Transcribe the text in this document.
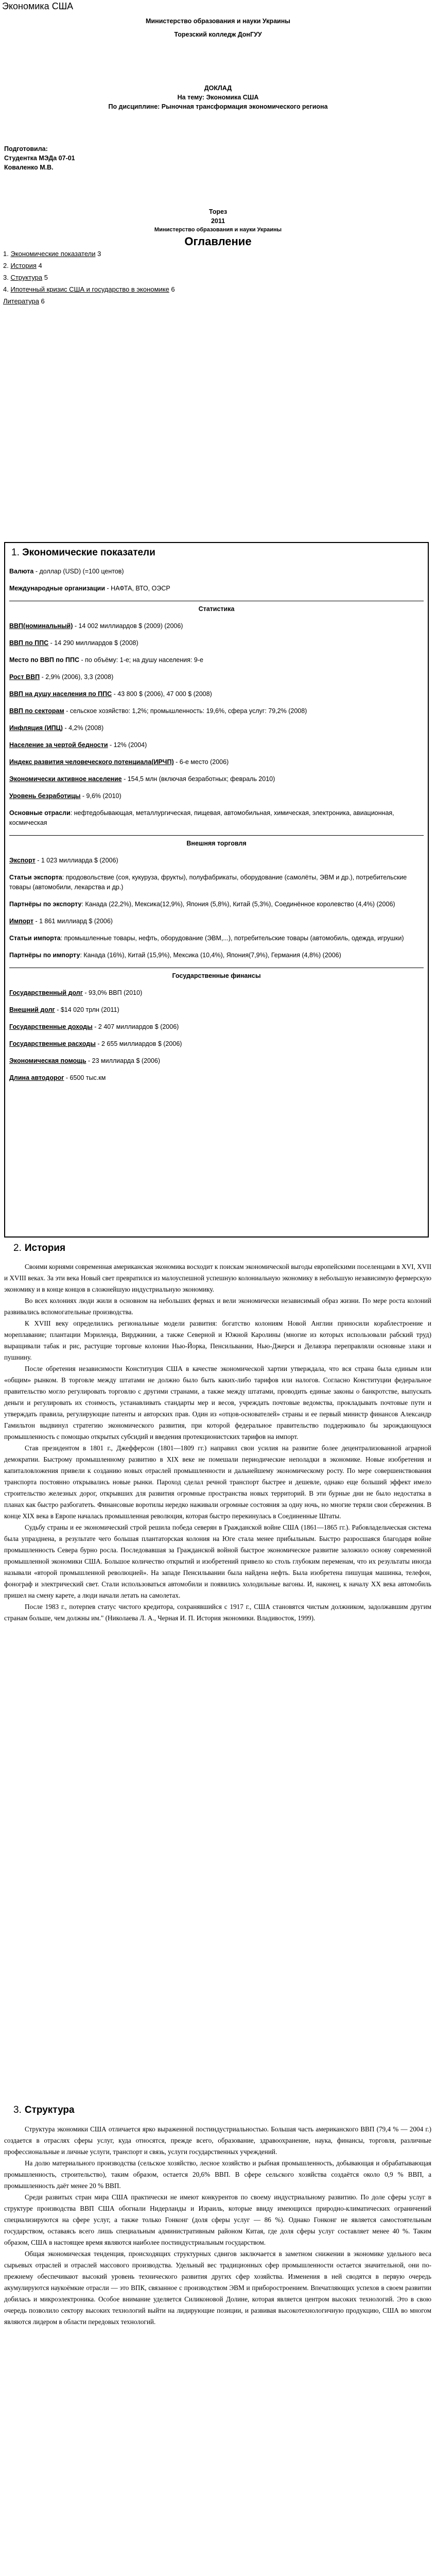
Экономика США
Министерство образования и науки Украины
Торезский колледж ДонГУУ
ДОКЛАД
На тему: Экономика США
По дисциплине: Рыночная трансформация экономического региона
Подготовила:
Студентка МЭДа 07-01
Коваленко М.В.
Торез
2011
Министерство образования и науки Украины
Оглавление
1. Экономические показатели 3
2. История 4
3. Структура 5
4. Ипотечный кризис США и государство в экономике 6
Литература 6
1. Экономические показатели
Валюта - доллар (USD) (=100 центов)
Международные организации - НАФТА, ВТО, ОЭСР
Статистика
ВВП(номинальный) - 14 002 миллиардов $ (2009) (2006)
ВВП по ППС - 14 290 миллиардов $ (2008)
Место по ВВП по ППС - по объёму: 1-е; на душу населения: 9-е
Рост ВВП - 2,9% (2006), 3,3 (2008)
ВВП на душу населения по ППС - 43 800 $ (2006), 47 000 $ (2008)
ВВП по секторам - сельское хозяйство: 1,2%; промышленность: 19,6%, сфера услуг: 79,2% (2008)
Инфляция (ИПЦ) - 4,2% (2008)
Население за чертой бедности - 12% (2004)
Индекс развития человеческого потенциала(ИРЧП) - 6-е место (2006)
Экономически активное население - 154,5 млн (включая безработных; февраль 2010)
Уровень безработицы - 9,6% (2010)
Основные отрасли: нефтедобывающая, металлургическая, пищевая, автомобильная, химическая, электроника, авиационная, космическая
Внешняя торговля
Экспорт - 1 023 миллиарда $ (2006)
Статьи экспорта: продовольствие (соя, кукуруза, фрукты), полуфабрикаты, оборудование (самолёты, ЭВМ и др.), потребительские товары (автомобили, лекарства и др.)
Партнёры по экспорту: Канада (22,2%), Мексика(12,9%), Япония (5,8%), Китай (5,3%), Соединённое королевство (4,4%) (2006)
Импорт - 1 861 миллиард $ (2006)
Статьи импорта: промышленные товары, нефть, оборудование (ЭВМ,...), потребительские товары (автомобиль, одежда, игрушки)
Партнёры по импорту: Канада (16%), Китай (15,9%), Мексика (10,4%), Япония(7,9%), Германия (4,8%) (2006)
Государственные финансы
Государственный долг - 93,0% ВВП (2010)
Внешний долг - $14 020 трлн (2011)
Государственные доходы - 2 407 миллиардов $ (2006)
Государственные расходы - 2 655 миллиардов $ (2006)
Экономическая помощь - 23 миллиарда $ (2006)
Длина автодорог - 6500 тыс.км
2. История

Своими корнями современная американская экономика восходит к поискам экономической выгоды европейскими поселенцами в XVI, XVII и XVIII веках. За эти века Новый свет превратился из малоуспешной успешную колониальную экономику в небольшую независимую фермерскую экономику и в конце концов в сложнейшую индустриальную экономику.

Во всех колониях люди жили в основном на небольших фермах и вели экономически независимый образ жизни. По мере роста колоний развивались вспомогательные производства.

К XVIII веку определились региональные модели развития: богатство колониям Новой Англии приносили кораблестроение и мореплавание; плантации Мэриленда, Вирджинии, а также Северной и Южной Каролины (многие из которых использовали рабский труд) выращивали табак и рис, растущие торговые колонии Нью-Йорка, Пенсильвании, Нью-Джерси и Делавэра переправляли основные злаки и пушнину.

После обретения независимости Конституция США в качестве экономической хартии утверждала, что вся страна была единым или «общим» рынком. В торговле между штатами не должно было быть каких-либо тарифов или налогов. Согласно Конституции федеральное правительство могло регулировать торговлю с другими странами, а также между штатами, проводить единые законы о банкротстве, выпускать деньги и регулировать их стоимость, устанавливать стандарты мер и весов, учреждать почтовые ведомства, прокладывать почтовые пути и утверждать правила, регулирующие патенты и авторских прав. Один из «отцов-основателей» страны и ее первый министр финансов Александр Гамильтон выдвинул стратегию экономического развития, при которой федеральное правительство поддерживало бы зарождающуюся промышленность с помощью открытых субсидий и введения протекционистских тарифов на импорт.

Став президентом в 1801 г., Джефферсон (1801—1809 гг.) направил свои усилия на развитие более децентрализованной аграрной демократии. Быстрому промышленному развитию в XIX веке не помешали периодические неполадки в экономике. Новые изобретения и капиталовложения привели к созданию новых отраслей промышленности и дальнейшему экономическому росту. По мере совершенствования транспорта постоянно открывались новые рынки. Пароход сделал речной транспорт быстрее и дешевле, однако еще больший эффект имело строительство железных дорог, открывших для развития огромные пространства новых территорий. В эти бурные дни не было недостатка в планах как быстро разбогатеть. Финансовые воротилы нередко наживали огромные состояния за одну ночь, но многие теряли свои сбережения. В конце XIX века в Европе началась промышленная революция, которая быстро перекинулась в Соединенные Штаты.

Судьбу страны и ее экономический строй решила победа северян в Гражданской войне США (1861—1865 гг.). Рабовладельческая система была упразднена, в результате чего большая плантаторская колония на Юге стала менее прибыльным. Быстро разросшаяся благодаря войне промышленность Севера бурно росла. Последовавшая за Гражданской войной быстрое экономическое развитие заложило основу современной промышленной экономики США. Большое количество открытий и изобретений привело ко столь глубоким переменам, что их результаты иногда называли «второй промышленной революцией». На западе Пенсильвании была найдена нефть. Была изобретена пишущая машинка, телефон, фонограф и электрический свет. Стали использоваться автомобили и появились холодильные вагоны. И, наконец, к началу XX века автомобиль пришел на смену карете, а люди начали летать на самолетах.

После 1983 г., потерпев статус чистого кредитора, сохранявшийся с 1917 г., США становятся чистым должником, задолжавшим другим странам больше, чем должны им." (Николаева Л. А., Черная И. П. История экономики. Владивосток, 1999).

3. Структура

Структура экономики США отличается ярко выраженной постиндустриальностью. Большая часть американского ВВП (79,4 % — 2004 г.) создается в отраслях сферы услуг, куда относятся, прежде всего, образование, здравоохранение, наука, финансы, торговля, различные профессиональные и личные услуги, транспорт и связь, услуги государственных учреждений.

На долю материального производства (сельское хозяйство, лесное хозяйство и рыбная промышленность, добывающая и обрабатывающая промышленность, строительство), таким образом, остается 20,6% ВВП. В сфере сельского хозяйства создаётся около 0,9 % ВВП, а промышленность даёт менее 20 % ВВП.

Среди развитых стран мира США практически не имеют конкурентов по своему индустриальному развитию. По доле сферы услуг в структуре производства ВВП США обогнали Нидерланды и Израиль, которые ввиду имеющихся природно-климатических ограничений специализируются на сфере услуг, а также только Гонконг (доля сферы услуг — 86 %). Однако Гонконг не является самостоятельным государством, оставаясь всего лишь специальным административным районом Китая, где доля сферы услуг составляет менее 40 %. Таким образом, США в настоящее время являются наиболее постиндустриальным государством.

Общая экономическая тенденция, происходящих структурных сдвигов заключается в заметном снижении в экономике удельного веса сырьевых отраслей и отраслей массового производства. Удельный вес традиционных сфер промышленности остается значительной, они по-прежнему обеспечивают высокий уровень технического развития других сфер хозяйства. Изменения в ней сводятся в первую очередь акумулируются наукоёмкие отрасли — это ВПК, связанное с производством ЭВМ и приборостроением. Впечатляющих успехов в своем развитии добилась и микроэлектроника. Особое внимание уделяется Силиконовой Долине, которая является центром высоких технологий. Это в свою очередь позволило сектору высоких технологий выйти на лидирующие позиции, и развивая высокотехнологичную продукцию, США во многом являются лидером в области передовых технологий.
